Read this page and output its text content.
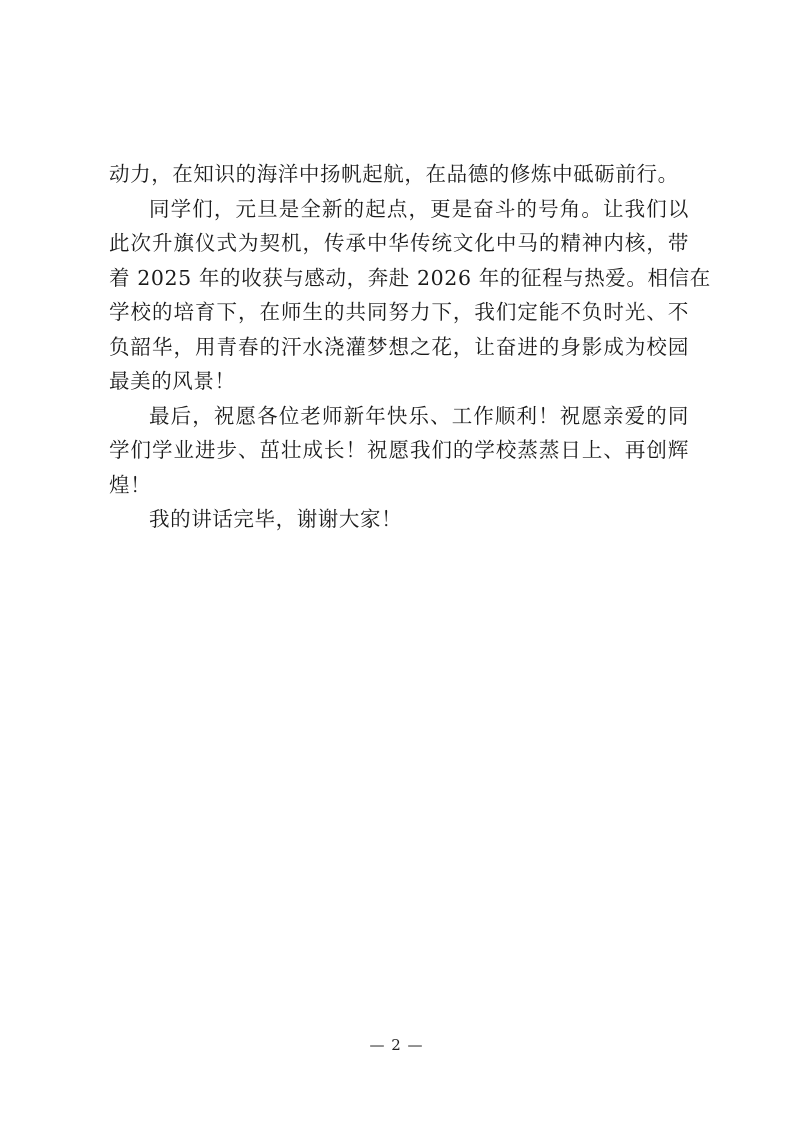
动力，在知识的海洋中扬帆起航，在品德的修炼中砥砺前行。

同学们，元旦是全新的起点，更是奋斗的号角。让我们以
此次升旗仪式为契机，传承中华传统文化中马的精神内核，带
着 2025 年的收获与感动，奔赴 2026 年的征程与热爱。相信在
学校的培育下，在师生的共同努力下，我们定能不负时光、不
负韶华，用青春的汗水浇灌梦想之花，让奋进的身影成为校园
最美的风景！

最后，祝愿各位老师新年快乐、工作顺利！祝愿亲爱的同
学们学业进步、茁壮成长！祝愿我们的学校蒸蒸日上、再创辉
煌！

我的讲话完毕，谢谢大家！

— 2 —
